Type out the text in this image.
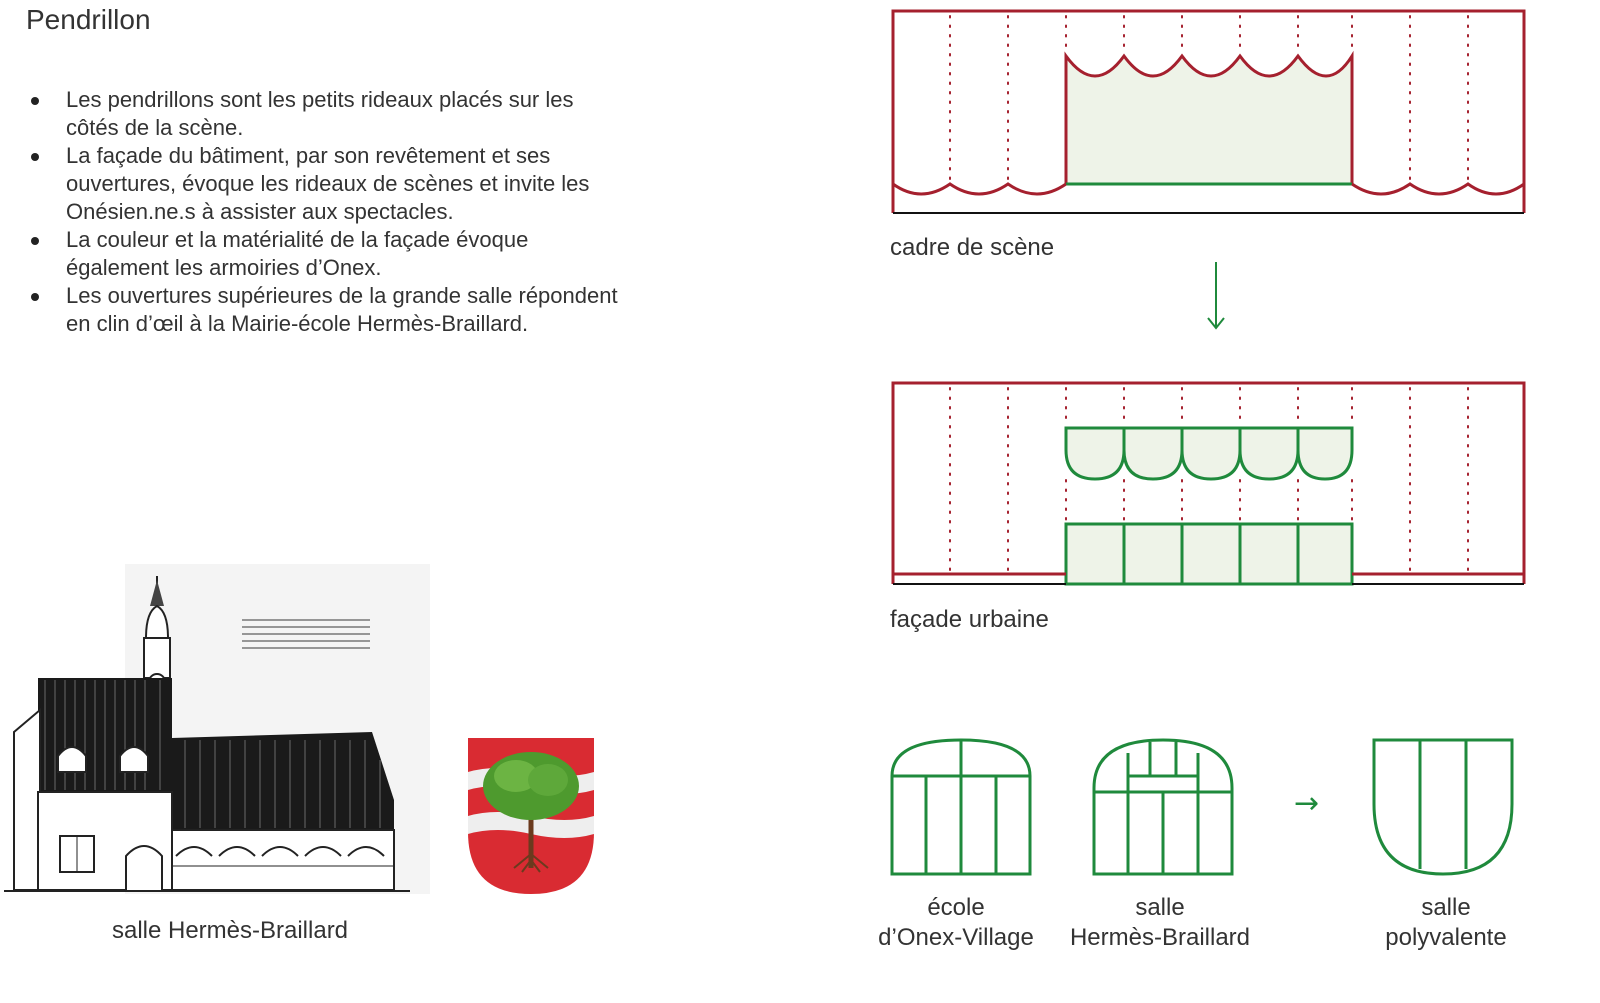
Pendrillon
Les pendrillons sont les petits rideaux placés sur les côtés de la scène.
La façade du bâtiment, par son revêtement et ses ouvertures, évoque les rideaux de scènes et invite les Onésien.ne.s à assister aux spectacles.
La couleur et la matérialité de la façade évoque également les armoiries d’Onex.
Les ouvertures supérieures de la grande salle répondent en clin d’œil à la Mairie-école Hermès-Braillard.
salle Hermès-Braillard
cadre de scène
façade urbaine
→
école
d’Onex-Village
salle
Hermès-Braillard
salle
polyvalente
